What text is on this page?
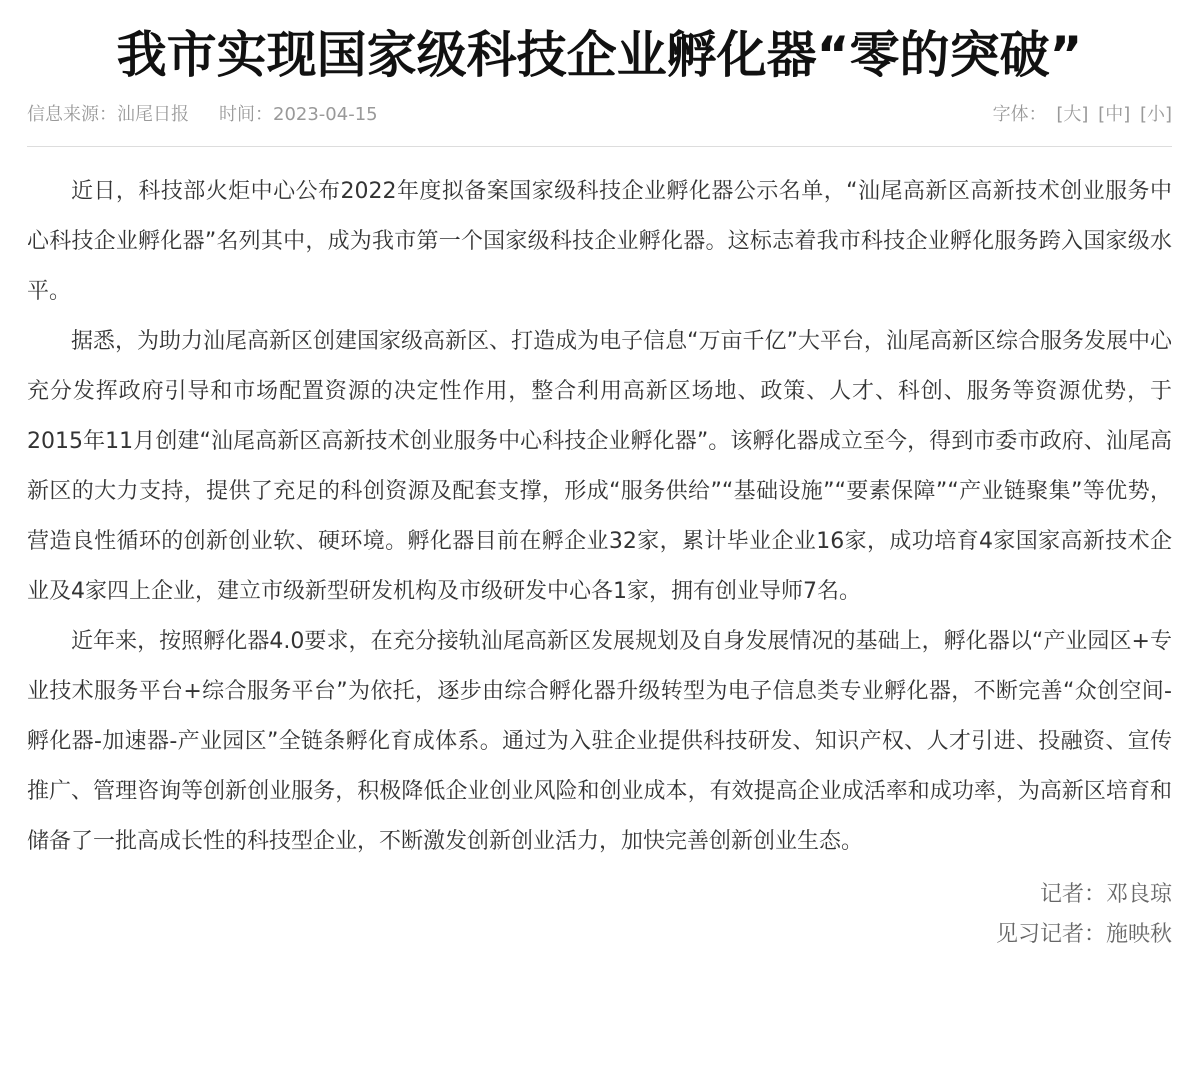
我市实现国家级科技企业孵化器“零的突破”
信息来源：汕尾日报 时间：2023-04-15	字体： [大] [中] [小]

近日，科技部火炬中心公布2022年度拟备案国家级科技企业孵化器公示名单，“汕尾高新区高新技术创业服务中心科技企业孵化器”名列其中，成为我市第一个国家级科技企业孵化器。这标志着我市科技企业孵化服务跨入国家级水平。

据悉，为助力汕尾高新区创建国家级高新区、打造成为电子信息“万亩千亿”大平台，汕尾高新区综合服务发展中心充分发挥政府引导和市场配置资源的决定性作用，整合利用高新区场地、政策、人才、科创、服务等资源优势，于2015年11月创建“汕尾高新区高新技术创业服务中心科技企业孵化器”。该孵化器成立至今，得到市委市政府、汕尾高新区的大力支持，提供了充足的科创资源及配套支撑，形成“服务供给”“基础设施”“要素保障”“产业链聚集”等优势，营造良性循环的创新创业软、硬环境。孵化器目前在孵企业32家，累计毕业企业16家，成功培育4家国家高新技术企业及4家四上企业，建立市级新型研发机构及市级研发中心各1家，拥有创业导师7名。

近年来，按照孵化器4.0要求，在充分接轨汕尾高新区发展规划及自身发展情况的基础上，孵化器以“产业园区+专业技术服务平台+综合服务平台”为依托，逐步由综合孵化器升级转型为电子信息类专业孵化器，不断完善“众创空间-孵化器-加速器-产业园区”全链条孵化育成体系。通过为入驻企业提供科技研发、知识产权、人才引进、投融资、宣传推广、管理咨询等创新创业服务，积极降低企业创业风险和创业成本，有效提高企业成活率和成功率，为高新区培育和储备了一批高成长性的科技型企业，不断激发创新创业活力，加快完善创新创业生态。

记者：邓良琼
见习记者：施映秋
